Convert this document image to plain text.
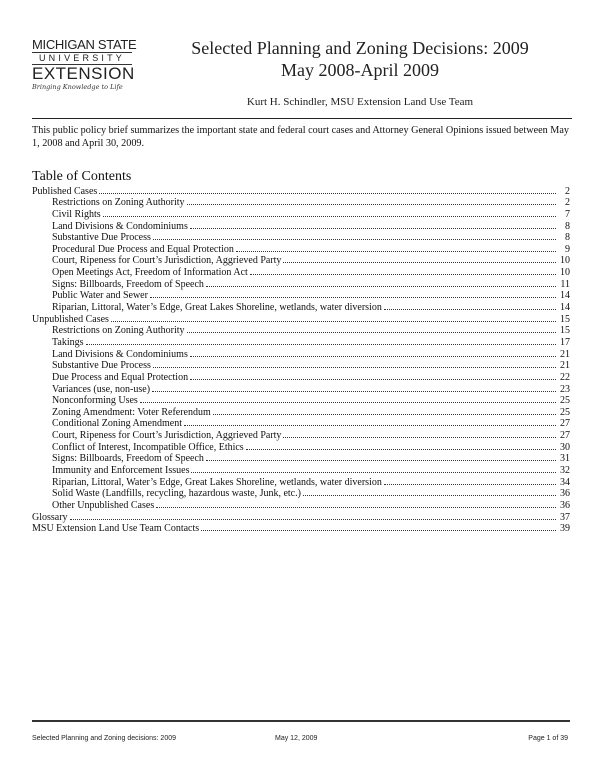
MICHIGAN STATE
UNIVERSITY
EXTENSION
Bringing Knowledge to Life
Selected Planning and Zoning Decisions: 2009
May 2008-April 2009
Kurt H. Schindler, MSU Extension Land Use Team
This public policy brief summarizes the important state and federal court cases and Attorney General Opinions issued between May 1, 2008 and April 30, 2009.
Table of Contents
Published Cases	2
Restrictions on Zoning Authority	2
Civil Rights	7
Land Divisions & Condominiums	8
Substantive Due Process	8
Procedural Due Process and Equal Protection	9
Court, Ripeness for Court’s Jurisdiction, Aggrieved Party	10
Open Meetings Act, Freedom of Information Act	10
Signs: Billboards, Freedom of Speech	11
Public Water and Sewer	14
Riparian, Littoral, Water’s Edge, Great Lakes Shoreline, wetlands, water diversion	14
Unpublished Cases	15
Restrictions on Zoning Authority	15
Takings	17
Land Divisions & Condominiums	21
Substantive Due Process	21
Due Process and Equal Protection	22
Variances (use, non-use)	23
Nonconforming Uses	25
Zoning Amendment: Voter Referendum	25
Conditional Zoning Amendment	27
Court, Ripeness for Court’s Jurisdiction, Aggrieved Party	27
Conflict of Interest, Incompatible Office, Ethics	30
Signs: Billboards, Freedom of Speech	31
Immunity and Enforcement Issues	32
Riparian, Littoral, Water’s Edge, Great Lakes Shoreline, wetlands, water diversion	34
Solid Waste (Landfills, recycling, hazardous waste, Junk, etc.)	36
Other Unpublished Cases	36
Glossary	37
MSU Extension Land Use Team Contacts	39
Selected Planning and Zoning decisions: 2009	May 12, 2009	Page 1 of 39
